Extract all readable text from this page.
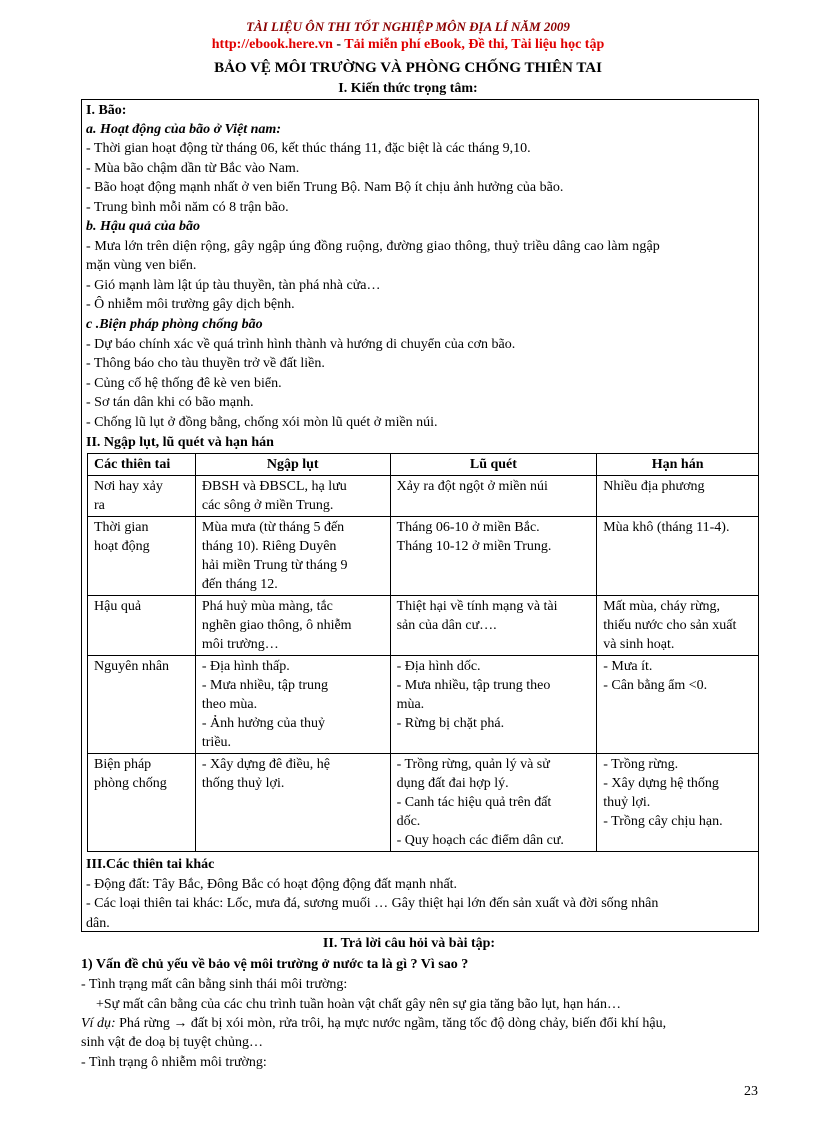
TÀI LIỆU ÔN THI TỐT NGHIỆP MÔN ĐỊA LÍ NĂM 2009
http://ebook.here.vn - Tải miễn phí eBook, Đề thi, Tài liệu học tập
BẢO VỆ MÔI TRƯỜNG VÀ PHÒNG CHỐNG THIÊN TAI
I. Kiến thức trọng tâm:
I. Bão:
a. Hoạt động của bão ở Việt nam:
- Thời gian hoạt động từ tháng 06, kết thúc tháng 11, đặc biệt là các tháng 9,10.
- Mùa bão chậm dần từ Bắc vào Nam.
- Bão hoạt động mạnh nhất ở ven biển Trung Bộ. Nam Bộ ít chịu ảnh hưởng của bão.
- Trung bình mỗi năm có 8 trận bão.
b. Hậu quả của bão
- Mưa lớn trên diện rộng, gây ngập úng đồng ruộng, đường giao thông, thuỷ triều dâng cao làm ngập
mặn vùng ven biển.
- Gió mạnh làm lật úp tàu thuyền, tàn phá nhà cửa…
- Ô nhiễm môi trường gây dịch bệnh.
c .Biện pháp phòng chống bão
- Dự báo chính xác về quá trình hình thành và hướng di chuyển của cơn bão.
- Thông báo cho tàu thuyền trở về đất liền.
- Củng cố hệ thống đê kè ven biển.
- Sơ tán dân khi có bão mạnh.
- Chống lũ lụt ở đồng bằng, chống xói mòn lũ quét ở miền núi.
II. Ngập lụt, lũ quét và hạn hán
Các thiên tai	Ngập lụt	Lũ quét	Hạn hán

Nơi hay xảy
ra	ĐBSH và ĐBSCL, hạ lưu
các sông ở miền Trung.	Xảy ra đột ngột ở miền núi	Nhiều địa phương

Thời gian
hoạt động	Mùa mưa (từ tháng 5 đến
tháng 10). Riêng Duyên
hải miền Trung từ tháng 9
đến tháng 12.	Tháng 06-10 ở miền Bắc.
Tháng 10-12 ở miền Trung.	Mùa khô (tháng 11-4).

Hậu quả	Phá huỷ mùa màng, tắc
nghẽn giao thông, ô nhiễm
môi trường…	Thiệt hại về tính mạng và tài
sản của dân cư….	Mất mùa, cháy rừng,
thiếu nước cho sản xuất
và sinh hoạt.

Nguyên nhân	- Địa hình thấp.
- Mưa nhiều, tập trung
theo mùa.
- Ảnh hưởng của thuỷ
triều.	- Địa hình dốc.
- Mưa nhiều, tập trung theo
mùa.
- Rừng bị chặt phá.	- Mưa ít.
- Cân bằng ẩm <0.

Biện pháp
phòng chống	- Xây dựng đê điều, hệ
thống thuỷ lợi.	- Trồng rừng, quản lý và sử
dụng đất đai hợp lý.
- Canh tác hiệu quả trên đất
dốc.
- Quy hoạch các điểm dân cư.	- Trồng rừng.
- Xây dựng hệ thống
thuỷ lợi.
- Trồng cây chịu hạn.
III.Các thiên tai khác
- Động đất: Tây Bắc, Đông Bắc có hoạt động động đất mạnh nhất.
- Các loại thiên tai khác: Lốc, mưa đá, sương muối … Gây thiệt hại lớn đến sản xuất và đời sống nhân
dân.
II. Trả lời câu hỏi và bài tập:
1) Vấn đề chủ yếu về bảo vệ môi trường ở nước ta là gì ? Vì sao ?
- Tình trạng mất cân bằng sinh thái môi trường:
+Sự mất cân bằng của các chu trình tuần hoàn vật chất gây nên sự gia tăng bão lụt, hạn hán…
Ví dụ: Phá rừng → đất bị xói mòn, rửa trôi, hạ mực nước ngầm, tăng tốc độ dòng chảy, biến đổi khí hậu,
sinh vật đe doạ bị tuyệt chủng…
- Tình trạng ô nhiễm môi trường:
23
